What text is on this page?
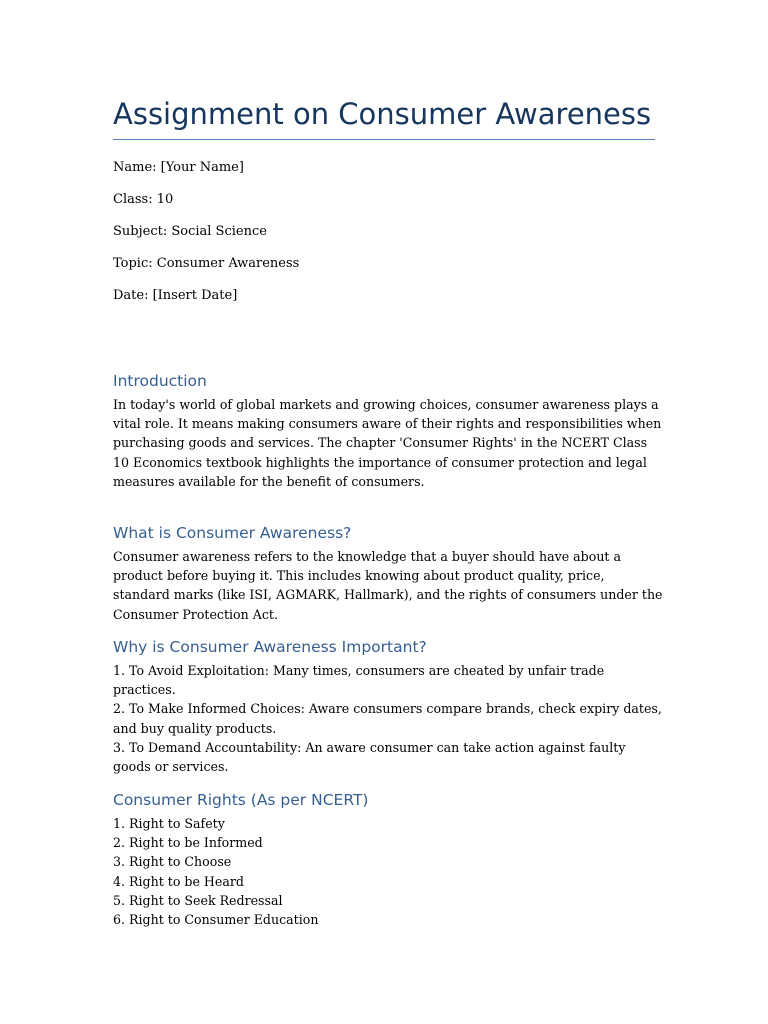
Assignment on Consumer Awareness
Name: [Your Name]
Class: 10
Subject: Social Science
Topic: Consumer Awareness
Date: [Insert Date]
Introduction

In today's world of global markets and growing choices, consumer awareness plays a vital role. It means making consumers aware of their rights and responsibilities when purchasing goods and services. The chapter 'Consumer Rights' in the NCERT Class 10 Economics textbook highlights the importance of consumer protection and legal measures available for the benefit of consumers.

What is Consumer Awareness?

Consumer awareness refers to the knowledge that a buyer should have about a product before buying it. This includes knowing about product quality, price, standard marks (like ISI, AGMARK, Hallmark), and the rights of consumers under the Consumer Protection Act.

Why is Consumer Awareness Important?
1. To Avoid Exploitation: Many times, consumers are cheated by unfair trade practices.
2. To Make Informed Choices: Aware consumers compare brands, check expiry dates, and buy quality products.
3. To Demand Accountability: An aware consumer can take action against faulty goods or services.
Consumer Rights (As per NCERT)
1. Right to Safety
2. Right to be Informed
3. Right to Choose
4. Right to be Heard
5. Right to Seek Redressal
6. Right to Consumer Education
